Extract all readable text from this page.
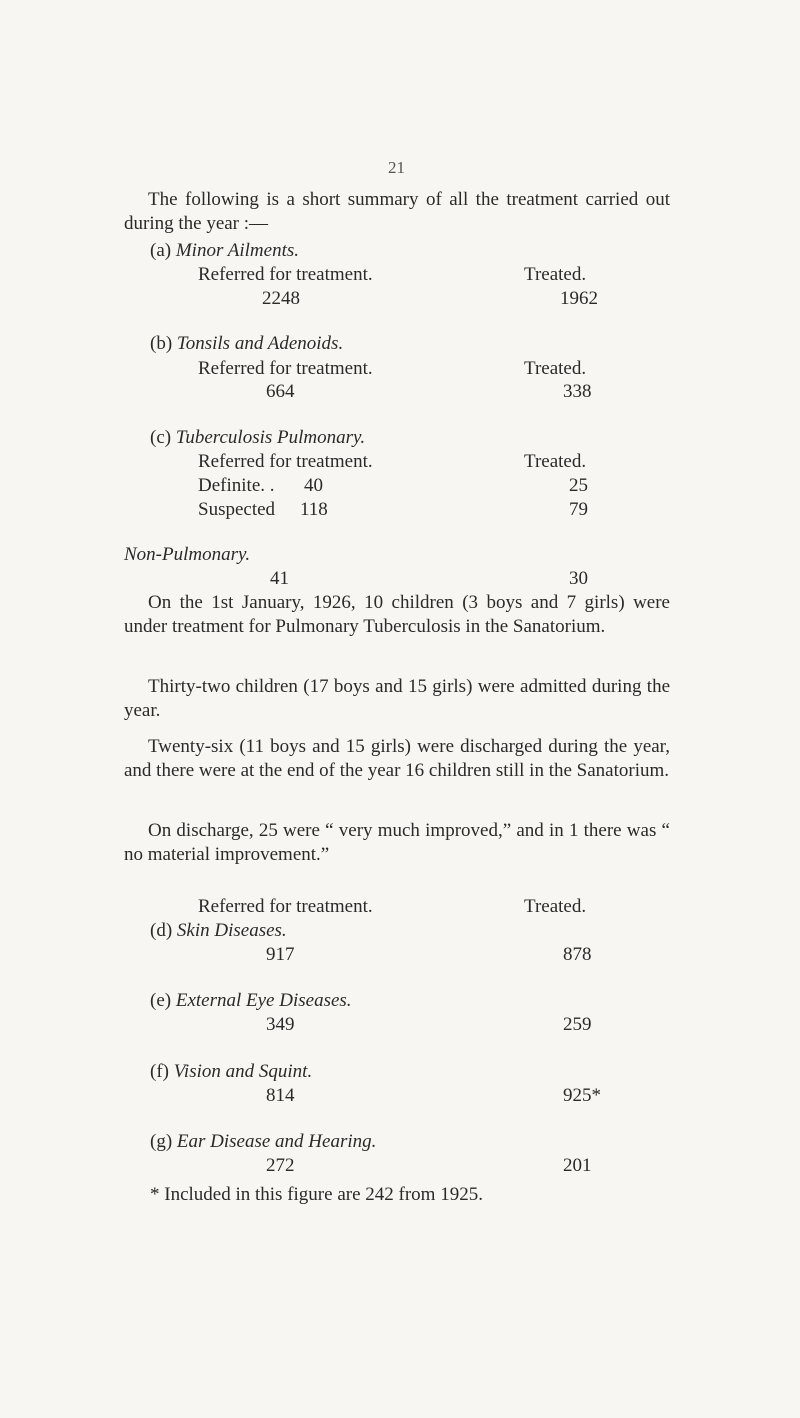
21
The following is a short summary of all the treatment carried out during the year :—
(a) Minor Ailments.
Referred for treatment.	Treated.
2248	1962
(b) Tonsils and Adenoids.
Referred for treatment.	Treated.
664	338
(c) Tuberculosis Pulmonary.
Referred for treatment.	Treated.
Definite. . 40	25
Suspected 118	79
Non-Pulmonary.
41	30
On the 1st January, 1926, 10 children (3 boys and 7 girls) were under treatment for Pulmonary Tuberculosis in the Sanatorium.
Thirty-two children (17 boys and 15 girls) were admitted during the year.
Twenty-six (11 boys and 15 girls) were discharged during the year, and there were at the end of the year 16 children still in the Sanatorium.
On discharge, 25 were “ very much improved,” and in 1 there was “ no material improvement.”
Referred for treatment.	Treated.
(d) Skin Diseases.
917	878
(e) External Eye Diseases.
349	259
(f) Vision and Squint.
814	925*
(g) Ear Disease and Hearing.
272	201
* Included in this figure are 242 from 1925.
